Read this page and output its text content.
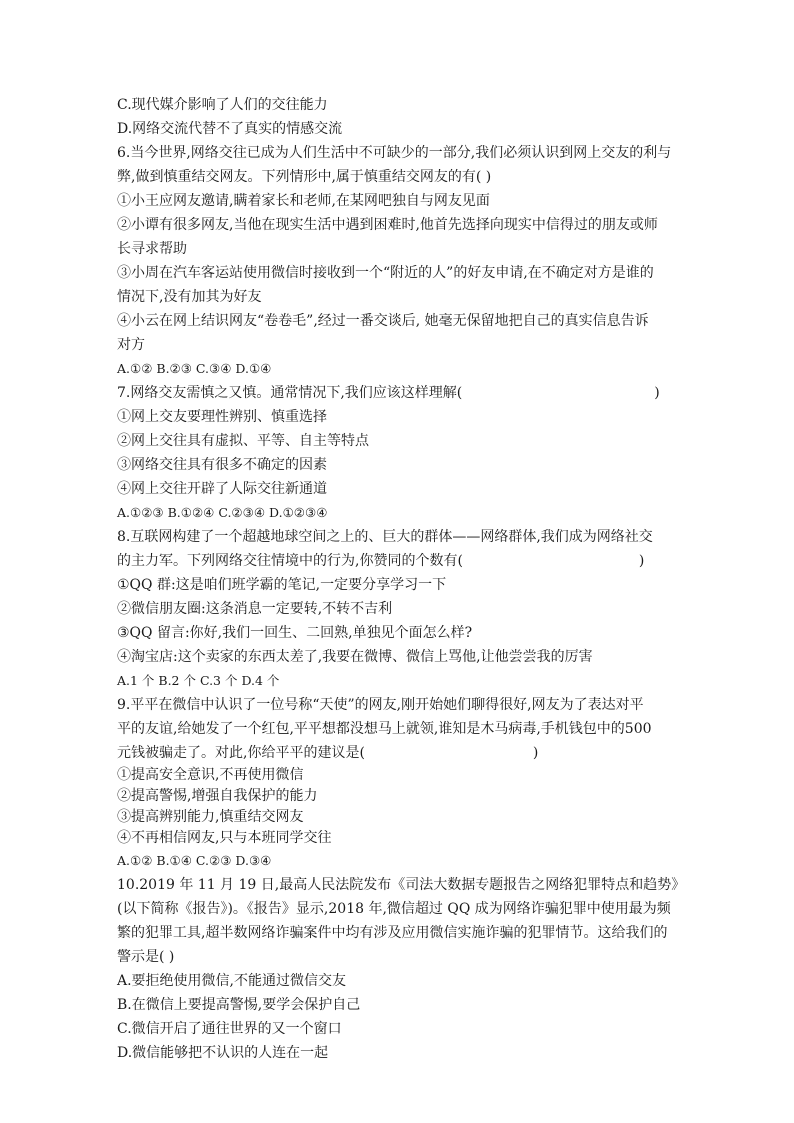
C.现代媒介影响了人们的交往能力
D.网络交流代替不了真实的情感交流
6.当今世界,网络交往已成为人们生活中不可缺少的一部分,我们必须认识到网上交友的利与
弊,做到慎重结交网友。下列情形中,属于慎重结交网友的有( )
①小王应网友邀请,瞒着家长和老师,在某网吧独自与网友见面
②小谭有很多网友,当他在现实生活中遇到困难时,他首先选择向现实中信得过的朋友或师
长寻求帮助
③小周在汽车客运站使用微信时接收到一个“附近的人”的好友申请,在不确定对方是谁的
情况下,没有加其为好友
④小云在网上结识网友“卷卷毛”,经过一番交谈后, 她毫无保留地把自己的真实信息告诉
对方
A.①② B.②③ C.③④ D.①④
7.网络交友需慎之又慎。通常情况下,我们应该这样理解(	)
①网上交友要理性辨别、慎重选择
②网上交往具有虚拟、平等、自主等特点
③网络交往具有很多不确定的因素
④网上交往开辟了人际交往新通道
A.①②③ B.①②④ C.②③④ D.①②③④
8.互联网构建了一个超越地球空间之上的、巨大的群体——网络群体,我们成为网络社交
的主力军。下列网络交往情境中的行为,你赞同的个数有(	)
①QQ 群:这是咱们班学霸的笔记,一定要分享学习一下
②微信朋友圈:这条消息一定要转,不转不吉利
③QQ 留言:你好,我们一回生、二回熟,单独见个面怎么样?
④淘宝店:这个卖家的东西太差了,我要在微博、微信上骂他,让他尝尝我的厉害
A.1 个 B.2 个 C.3 个 D.4 个
9.平平在微信中认识了一位号称“天使”的网友,刚开始她们聊得很好,网友为了表达对平
平的友谊,给她发了一个红包,平平想都没想马上就领,谁知是木马病毒,手机钱包中的500
元钱被骗走了。对此,你给平平的建议是(	)
①提高安全意识,不再使用微信
②提高警惕,增强自我保护的能力
③提高辨别能力,慎重结交网友
④不再相信网友,只与本班同学交往
A.①② B.①④ C.②③ D.③④
10.2019 年 11 月 19 日,最高人民法院发布《司法大数据专题报告之网络犯罪特点和趋势》
(以下简称《报告》)。《报告》显示,2018 年,微信超过 QQ 成为网络诈骗犯罪中使用最为频
繁的犯罪工具,超半数网络诈骗案件中均有涉及应用微信实施诈骗的犯罪情节。这给我们的
警示是( )
A.要拒绝使用微信,不能通过微信交友
B.在微信上要提高警惕,要学会保护自己
C.微信开启了通往世界的又一个窗口
D.微信能够把不认识的人连在一起
